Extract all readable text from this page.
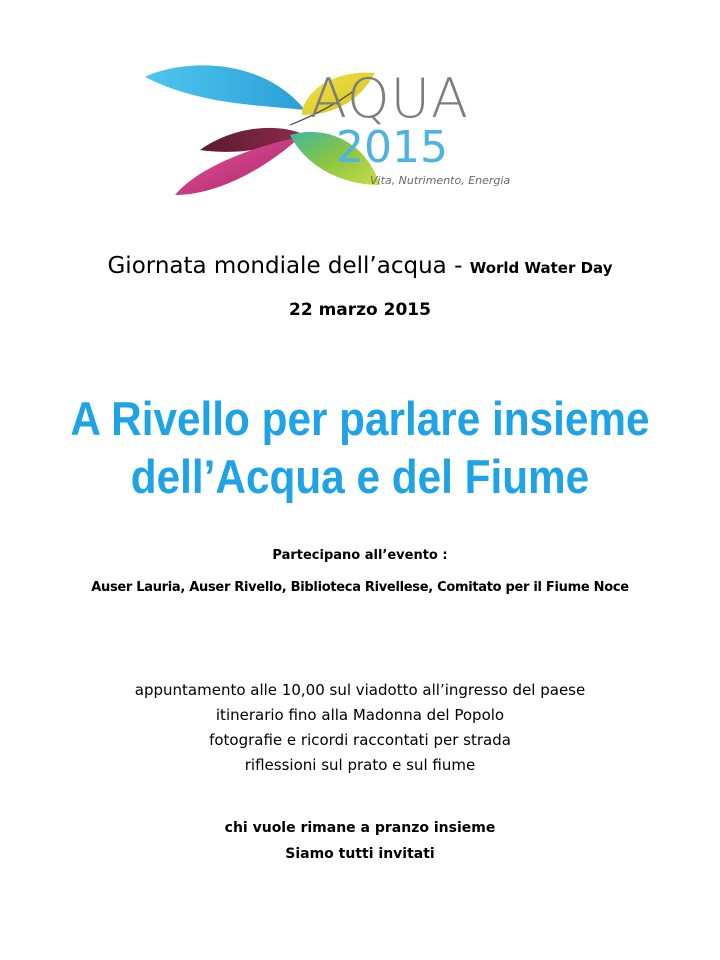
AQUA
2015
Vita, Nutrimento, Energia
Giornata mondiale dell’acqua - World Water Day
22 marzo 2015
A Rivello per parlare insieme
dell’Acqua e del Fiume
Partecipano all’evento :
Auser Lauria, Auser Rivello, Biblioteca Rivellese, Comitato per il Fiume Noce
appuntamento alle 10,00 sul viadotto all’ingresso del paese
itinerario fino alla Madonna del Popolo
fotografie e ricordi raccontati per strada
riflessioni sul prato e sul fiume
chi vuole rimane a pranzo insieme
Siamo tutti invitati
